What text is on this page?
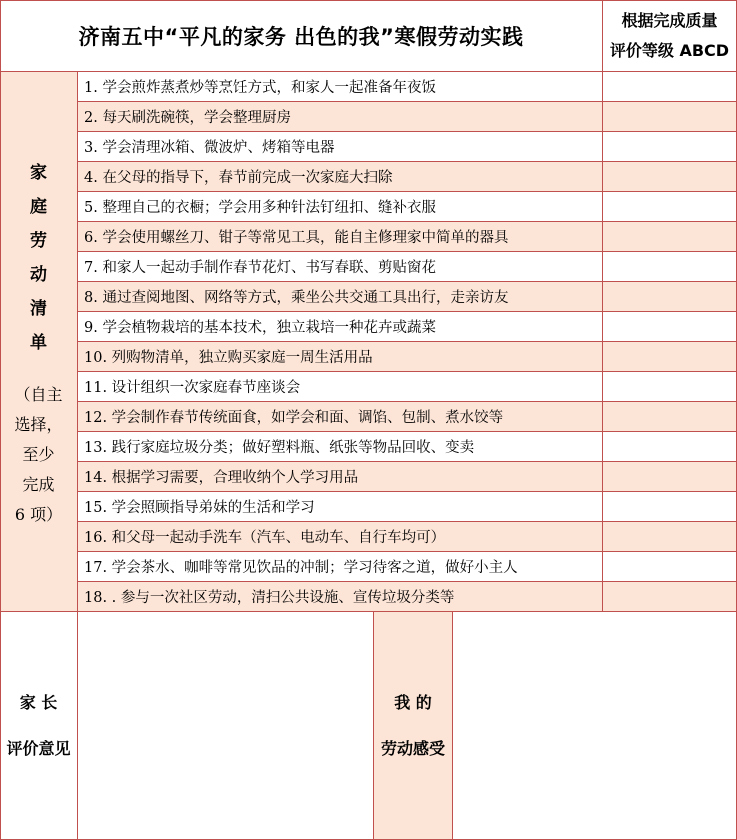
济南五中“平凡的家务 出色的我”寒假劳动实践
根据完成质量
评价等级 ABCD
家
庭
劳
动
清
单
（自主
选择，
至少
完成
6 项）
1. 学会煎炸蒸煮炒等烹饪方式，和家人一起准备年夜饭
2. 每天刷洗碗筷，学会整理厨房
3. 学会清理冰箱、微波炉、烤箱等电器
4. 在父母的指导下，春节前完成一次家庭大扫除
5. 整理自己的衣橱；学会用多种针法钉纽扣、缝补衣服
6. 学会使用螺丝刀、钳子等常见工具，能自主修理家中简单的器具
7. 和家人一起动手制作春节花灯、书写春联、剪贴窗花
8. 通过查阅地图、网络等方式，乘坐公共交通工具出行，走亲访友
9. 学会植物栽培的基本技术，独立栽培一种花卉或蔬菜
10. 列购物清单，独立购买家庭一周生活用品
11. 设计组织一次家庭春节座谈会
12. 学会制作春节传统面食，如学会和面、调馅、包制、煮水饺等
13. 践行家庭垃圾分类；做好塑料瓶、纸张等物品回收、变卖
14. 根据学习需要，合理收纳个人学习用品
15. 学会照顾指导弟妹的生活和学习
16. 和父母一起动手洗车（汽车、电动车、自行车均可）
17. 学会茶水、咖啡等常见饮品的冲制；学习待客之道，做好小主人
18. . 参与一次社区劳动，清扫公共设施、宣传垃圾分类等
家 长
评价意见
我 的
劳动感受
